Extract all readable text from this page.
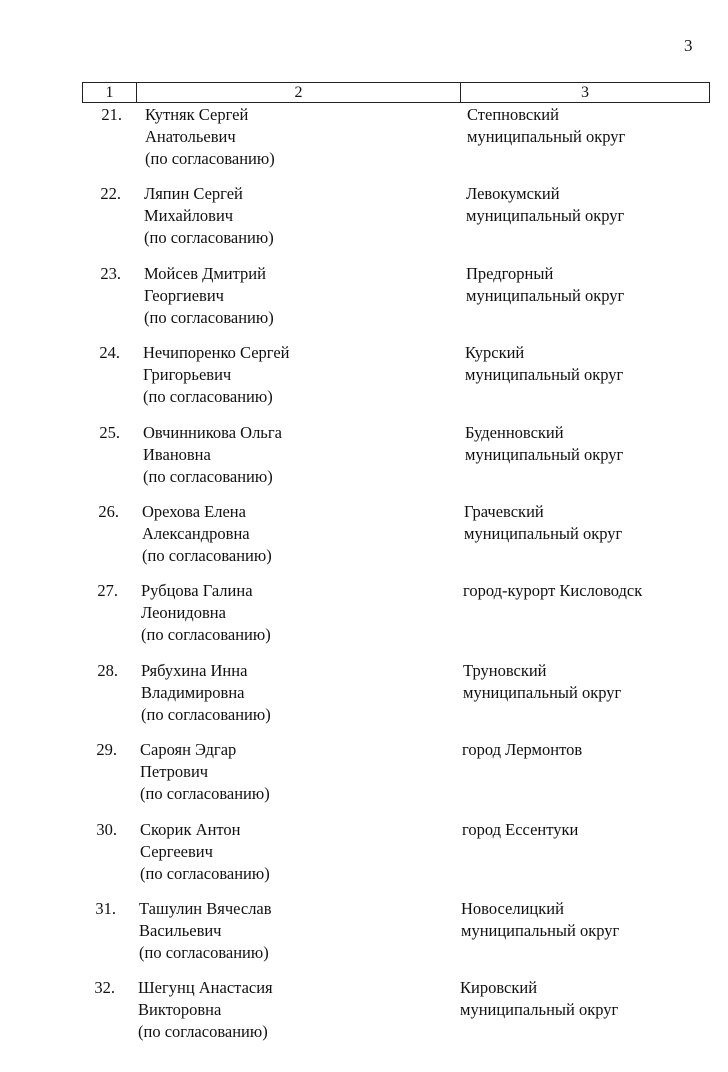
3
1	2	3
21. Кутняк Сергей
Анатольевич
(по согласованию)
Степновский
муниципальный округ
22. Ляпин Сергей
Михайлович
(по согласованию)
Левокумский
муниципальный округ
23. Мойсев Дмитрий
Георгиевич
(по согласованию)
Предгорный
муниципальный округ
24. Нечипоренко Сергей
Григорьевич
(по согласованию)
Курский
муниципальный округ
25. Овчинникова Ольга
Ивановна
(по согласованию)
Буденновский
муниципальный округ
26. Орехова Елена
Александровна
(по согласованию)
Грачевский
муниципальный округ
27. Рубцова Галина
Леонидовна
(по согласованию)
город-курорт Кисловодск
28. Рябухина Инна
Владимировна
(по согласованию)
Труновский
муниципальный округ
29. Сароян Эдгар
Петрович
(по согласованию)
город Лермонтов
30. Скорик Антон
Сергеевич
(по согласованию)
город Ессентуки
31. Ташулин Вячеслав
Васильевич
(по согласованию)
Новоселицкий
муниципальный округ
32. Шегунц Анастасия
Викторовна
(по согласованию)
Кировский
муниципальный округ
